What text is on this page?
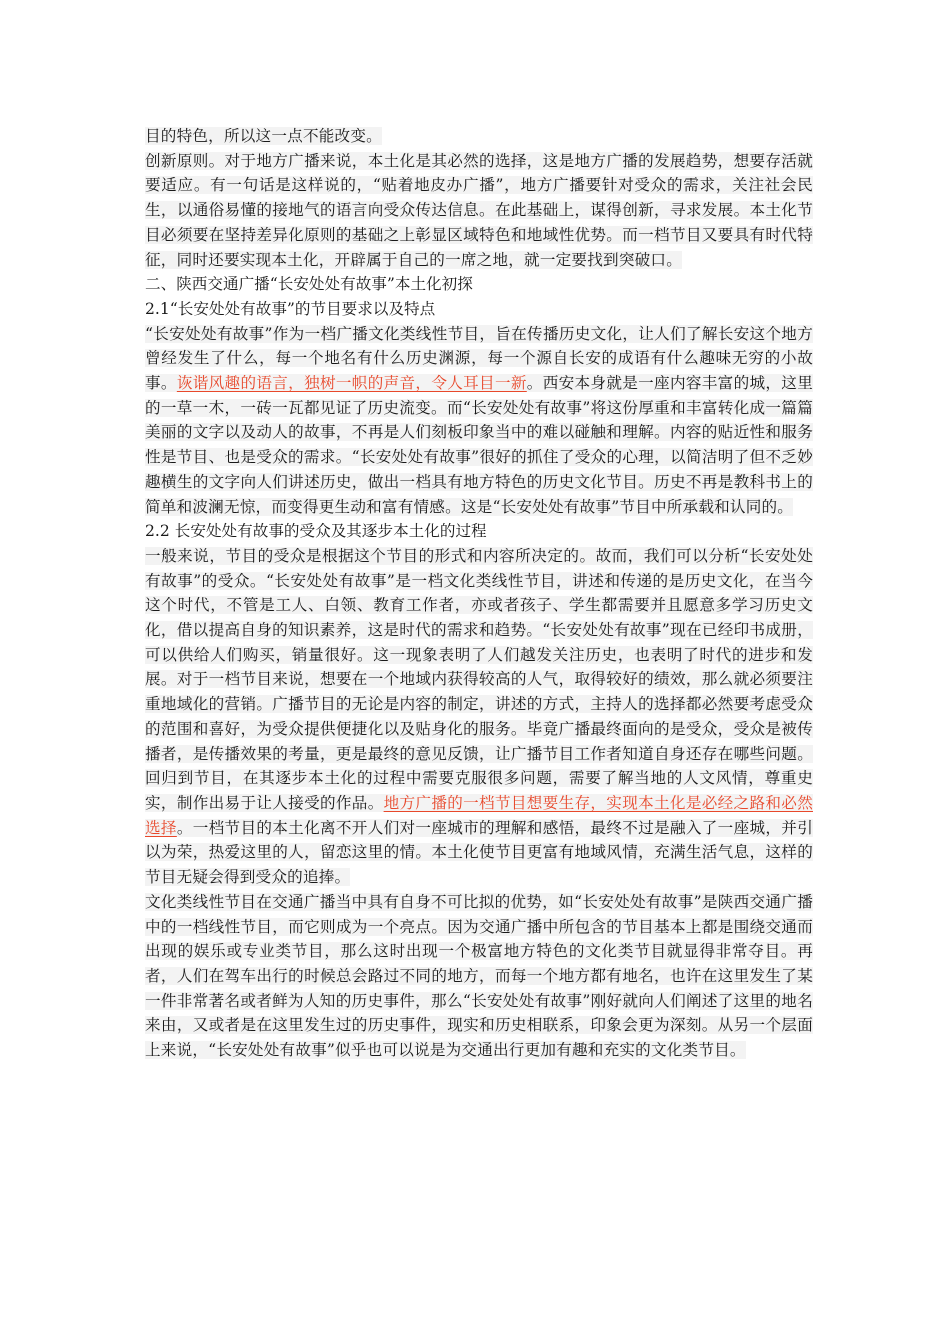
目的特色，所以这一点不能改变。

创新原则。对于地方广播来说，本土化是其必然的选择，这是地方广播的发展趋势，想要存活就要适应。有一句话是这样说的，“贴着地皮办广播”，地方广播要针对受众的需求，关注社会民生，以通俗易懂的接地气的语言向受众传达信息。在此基础上，谋得创新，寻求发展。本土化节目必须要在坚持差异化原则的基础之上彰显区域特色和地域性优势。而一档节目又要具有时代特征，同时还要实现本土化，开辟属于自己的一席之地，就一定要找到突破口。

二、陕西交通广播“长安处处有故事”本土化初探

2.1“长安处处有故事”的节目要求以及特点

“长安处处有故事”作为一档广播文化类线性节目，旨在传播历史文化，让人们了解长安这个地方曾经发生了什么，每一个地名有什么历史渊源，每一个源自长安的成语有什么趣味无穷的小故事。诙谐风趣的语言，独树一帜的声音，令人耳目一新。西安本身就是一座内容丰富的城，这里的一草一木，一砖一瓦都见证了历史流变。而“长安处处有故事”将这份厚重和丰富转化成一篇篇美丽的文字以及动人的故事，不再是人们刻板印象当中的难以碰触和理解。内容的贴近性和服务性是节目、也是受众的需求。“长安处处有故事”很好的抓住了受众的心理，以简洁明了但不乏妙趣横生的文字向人们讲述历史，做出一档具有地方特色的历史文化节目。历史不再是教科书上的简单和波澜无惊，而变得更生动和富有情感。这是“长安处处有故事”节目中所承载和认同的。

2.2 长安处处有故事的受众及其逐步本土化的过程

一般来说，节目的受众是根据这个节目的形式和内容所决定的。故而，我们可以分析“长安处处有故事”的受众。“长安处处有故事”是一档文化类线性节目，讲述和传递的是历史文化，在当今这个时代，不管是工人、白领、教育工作者，亦或者孩子、学生都需要并且愿意多学习历史文化，借以提高自身的知识素养，这是时代的需求和趋势。“长安处处有故事”现在已经印书成册，可以供给人们购买，销量很好。这一现象表明了人们越发关注历史，也表明了时代的进步和发展。对于一档节目来说，想要在一个地域内获得较高的人气，取得较好的绩效，那么就必须要注重地域化的营销。广播节目的无论是内容的制定，讲述的方式，主持人的选择都必然要考虑受众的范围和喜好，为受众提供便捷化以及贴身化的服务。毕竟广播最终面向的是受众，受众是被传播者，是传播效果的考量，更是最终的意见反馈，让广播节目工作者知道自身还存在哪些问题。回归到节目，在其逐步本土化的过程中需要克服很多问题，需要了解当地的人文风情，尊重史实，制作出易于让人接受的作品。地方广播的一档节目想要生存，实现本土化是必经之路和必然选择。一档节目的本土化离不开人们对一座城市的理解和感悟，最终不过是融入了一座城，并引以为荣，热爱这里的人，留恋这里的情。本土化使节目更富有地域风情，充满生活气息，这样的节目无疑会得到受众的追捧。

文化类线性节目在交通广播当中具有自身不可比拟的优势，如“长安处处有故事”是陕西交通广播中的一档线性节目，而它则成为一个亮点。因为交通广播中所包含的节目基本上都是围绕交通而出现的娱乐或专业类节目，那么这时出现一个极富地方特色的文化类节目就显得非常夺目。再者，人们在驾车出行的时候总会路过不同的地方，而每一个地方都有地名，也许在这里发生了某一件非常著名或者鲜为人知的历史事件，那么“长安处处有故事”刚好就向人们阐述了这里的地名来由，又或者是在这里发生过的历史事件，现实和历史相联系，印象会更为深刻。从另一个层面上来说，“长安处处有故事”似乎也可以说是为交通出行更加有趣和充实的文化类节目。
